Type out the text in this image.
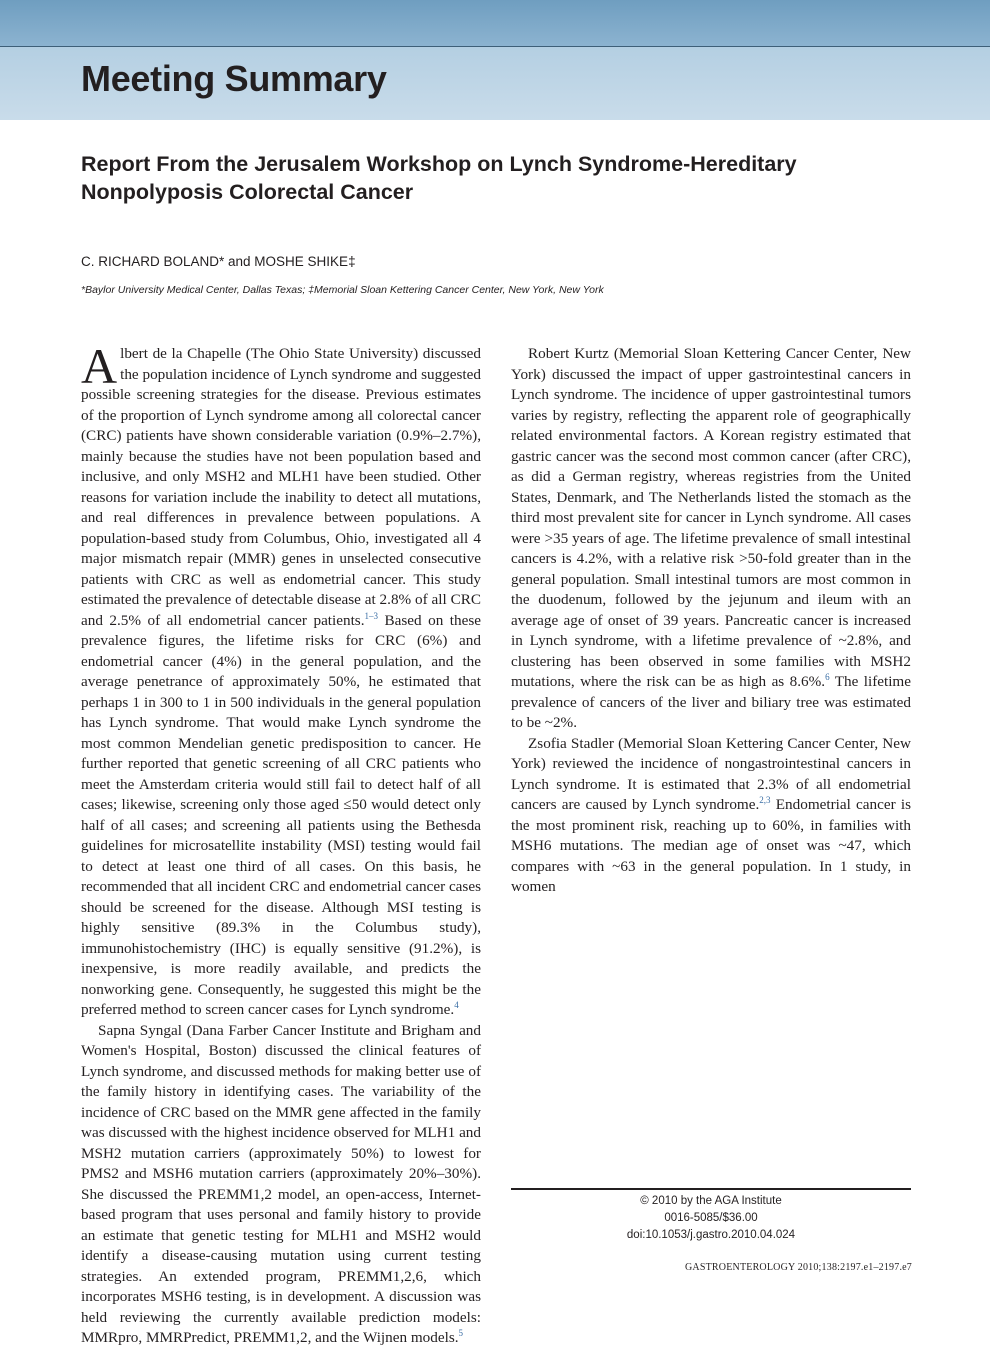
Meeting Summary
Report From the Jerusalem Workshop on Lynch Syndrome-Hereditary Nonpolyposis Colorectal Cancer
C. RICHARD BOLAND* and MOSHE SHIKE‡
*Baylor University Medical Center, Dallas Texas; ‡Memorial Sloan Kettering Cancer Center, New York, New York

Albert de la Chapelle (The Ohio State University) discussed the population incidence of Lynch syndrome and suggested possible screening strategies for the disease. Previous estimates of the proportion of Lynch syndrome among all colorectal cancer (CRC) patients have shown considerable variation (0.9%–2.7%), mainly because the studies have not been population based and inclusive, and only MSH2 and MLH1 have been studied. Other reasons for variation include the inability to detect all mutations, and real differences in prevalence between populations. A population-based study from Columbus, Ohio, investigated all 4 major mismatch repair (MMR) genes in unselected consecutive patients with CRC as well as endometrial cancer. This study estimated the prevalence of detectable disease at 2.8% of all CRC and 2.5% of all endometrial cancer patients.$^{1-3}$ Based on these prevalence figures, the lifetime risks for CRC (6%) and endometrial cancer (4%) in the general population, and the average penetrance of approximately 50%, he estimated that perhaps 1 in 300 to 1 in 500 individuals in the general population has Lynch syndrome. That would make Lynch syndrome the most common Mendelian genetic predisposition to cancer. He further reported that genetic screening of all CRC patients who meet the Amsterdam criteria would still fail to detect half of all cases; likewise, screening only those aged ≤50 would detect only half of all cases; and screening all patients using the Bethesda guidelines for microsatellite instability (MSI) testing would fail to detect at least one third of all cases. On this basis, he recommended that all incident CRC and endometrial cancer cases should be screened for the disease. Although MSI testing is highly sensitive (89.3% in the Columbus study), immunohistochemistry (IHC) is equally sensitive (91.2%), is inexpensive, is more readily available, and predicts the nonworking gene. Consequently, he suggested this might be the preferred method to screen cancer cases for Lynch syndrome.$^4$

Sapna Syngal (Dana Farber Cancer Institute and Brigham and Women's Hospital, Boston) discussed the clinical features of Lynch syndrome, and discussed methods for making better use of the family history in identifying cases. The variability of the incidence of CRC based on the MMR gene affected in the family was discussed with the highest incidence observed for MLH1 and MSH2 mutation carriers (approximately 50%) to lowest for PMS2 and MSH6 mutation carriers (approximately 20%–30%). She discussed the PREMM1,2 model, an open-access, Internet-based program that uses personal and family history to provide an estimate that genetic testing for MLH1 and MSH2 would identify a disease-causing mutation using current testing strategies. An extended program, PREMM1,2,6, which incorporates MSH6 testing, is in development. A discussion was held reviewing the currently available prediction models: MMRpro, MMRPredict, PREMM1,2, and the Wijnen models.$^5$

Robert Kurtz (Memorial Sloan Kettering Cancer Center, New York) discussed the impact of upper gastrointestinal cancers in Lynch syndrome. The incidence of upper gastrointestinal tumors varies by registry, reflecting the apparent role of geographically related environmental factors. A Korean registry estimated that gastric cancer was the second most common cancer (after CRC), as did a German registry, whereas registries from the United States, Denmark, and The Netherlands listed the stomach as the third most prevalent site for cancer in Lynch syndrome. All cases were >35 years of age. The lifetime prevalence of small intestinal cancers is 4.2%, with a relative risk >50-fold greater than in the general population. Small intestinal tumors are most common in the duodenum, followed by the jejunum and ileum with an average age of onset of 39 years. Pancreatic cancer is increased in Lynch syndrome, with a lifetime prevalence of ~2.8%, and clustering has been observed in some families with MSH2 mutations, where the risk can be as high as 8.6%.$^6$ The lifetime prevalence of cancers of the liver and biliary tree was estimated to be ~2%.

Zsofia Stadler (Memorial Sloan Kettering Cancer Center, New York) reviewed the incidence of nongastrointestinal cancers in Lynch syndrome. It is estimated that 2.3% of all endometrial cancers are caused by Lynch syndrome.$^{2,3}$ Endometrial cancer is the most prominent risk, reaching up to 60%, in families with MSH6 mutations. The median age of onset was ~47, which compares with ~63 in the general population. In 1 study, in women

© 2010 by the AGA Institute
0016-5085/$36.00
doi:10.1053/j.gastro.2010.04.024
GASTROENTEROLOGY 2010;138:2197.e1–2197.e7
